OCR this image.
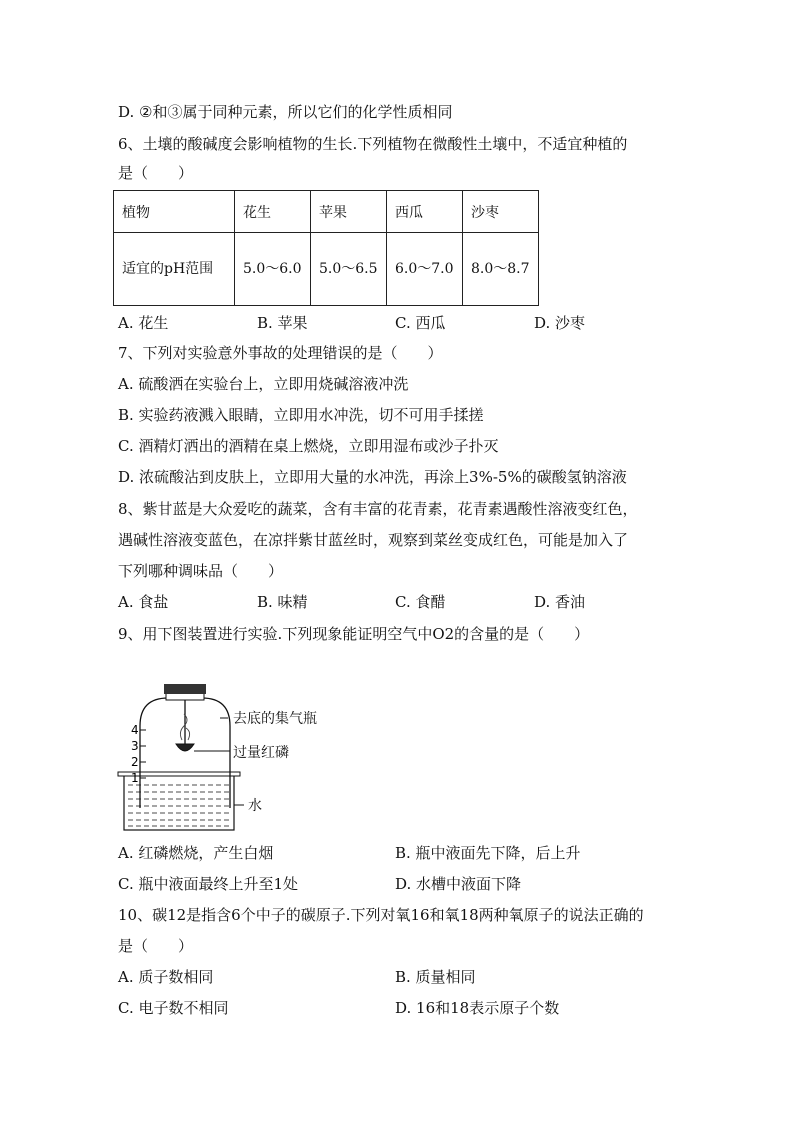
D. ②和③属于同种元素，所以它们的化学性质相同
6、土壤的酸碱度会影响植物的生长.下列植物在微酸性土壤中，不适宜种植的
是（　　）
植物	花生	苹果	西瓜	沙枣
适宜的pH范围	5.0～6.0	5.0～6.5	6.0～7.0	8.0～8.7
A. 花生	B. 苹果	C. 西瓜	D. 沙枣
7、下列对实验意外事故的处理错误的是（　　）
A. 硫酸洒在实验台上，立即用烧碱溶液冲洗
B. 实验药液溅入眼睛，立即用水冲洗，切不可用手揉搓
C. 酒精灯洒出的酒精在桌上燃烧，立即用湿布或沙子扑灭
D. 浓硫酸沾到皮肤上，立即用大量的水冲洗，再涂上3%-5%的碳酸氢钠溶液
8、紫甘蓝是大众爱吃的蔬菜，含有丰富的花青素，花青素遇酸性溶液变红色，
遇碱性溶液变蓝色，在凉拌紫甘蓝丝时，观察到菜丝变成红色，可能是加入了
下列哪种调味品（　　）
A. 食盐	B. 味精	C. 食醋	D. 香油
9、用下图装置进行实验.下列现象能证明空气中O2的含量的是（　　）
4
3
2
1
去底的集气瓶
过量红磷
水
A. 红磷燃烧，产生白烟	B. 瓶中液面先下降，后上升
C. 瓶中液面最终上升至1处	D. 水槽中液面下降
10、碳12是指含6个中子的碳原子.下列对氧16和氧18两种氧原子的说法正确的
是（　　）
A. 质子数相同	B. 质量相同
C. 电子数不相同	D. 16和18表示原子个数
